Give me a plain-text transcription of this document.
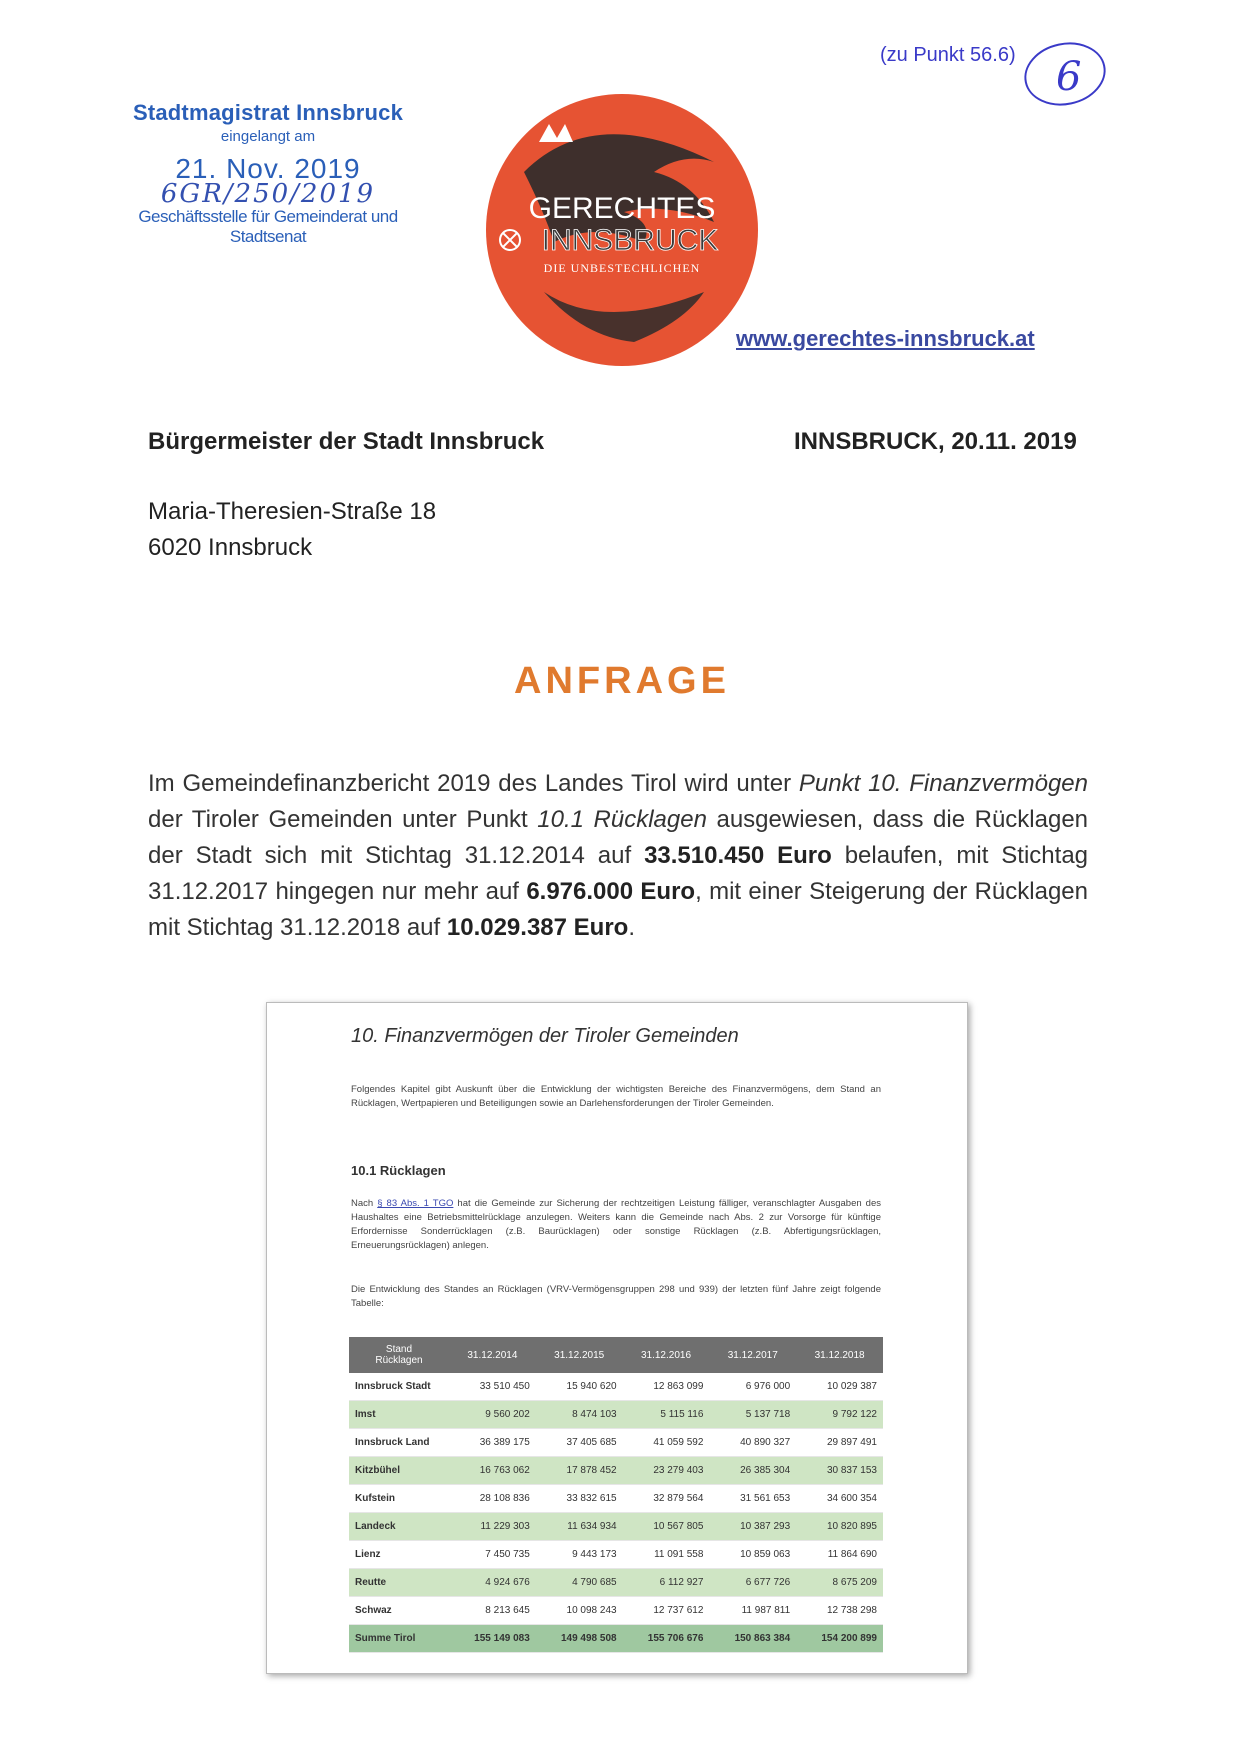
(zu Punkt 56.6) 6
Stadtmagistrat Innsbruck
eingelangt am
21. Nov. 2019
6GR/250/2019
Geschäftsstelle für Gemeinderat und Stadtsenat
GERECHTES
INNSBRUCK
DIE UNBESTECHLICHEN
www.gerechtes-innsbruck.at
Bürgermeister der Stadt Innsbruck	INNSBRUCK, 20.11. 2019
Maria-Theresien-Straße 18
6020 Innsbruck
ANFRAGE
Im Gemeindefinanzbericht 2019 des Landes Tirol wird unter Punkt 10. Finanzvermögen der Tiroler Gemeinden unter Punkt 10.1 Rücklagen ausgewiesen, dass die Rücklagen der Stadt sich mit Stichtag 31.12.2014 auf 33.510.450 Euro belaufen, mit Stichtag 31.12.2017 hingegen nur mehr auf 6.976.000 Euro, mit einer Steigerung der Rücklagen mit Stichtag 31.12.2018 auf 10.029.387 Euro.
10. Finanzvermögen der Tiroler Gemeinden
Folgendes Kapitel gibt Auskunft über die Entwicklung der wichtigsten Bereiche des Finanzvermögens, dem Stand an Rücklagen, Wertpapieren und Beteiligungen sowie an Darlehensforderungen der Tiroler Gemeinden.
10.1 Rücklagen
Nach § 83 Abs. 1 TGO hat die Gemeinde zur Sicherung der rechtzeitigen Leistung fälliger, veranschlagter Ausgaben des Haushaltes eine Betriebsmittelrücklage anzulegen. Weiters kann die Gemeinde nach Abs. 2 zur Vorsorge für künftige Erfordernisse Sonderrücklagen (z.B. Baurücklagen) oder sonstige Rücklagen (z.B. Abfertigungsrücklagen, Erneuerungsrücklagen) anlegen.
Die Entwicklung des Standes an Rücklagen (VRV-Vermögensgruppen 298 und 939) der letzten fünf Jahre zeigt folgende Tabelle:
Stand
Rücklagen	31.12.2014	31.12.2015	31.12.2016	31.12.2017	31.12.2018
Innsbruck Stadt	33 510 450	15 940 620	12 863 099	6 976 000	10 029 387
Imst	9 560 202	8 474 103	5 115 116	5 137 718	9 792 122
Innsbruck Land	36 389 175	37 405 685	41 059 592	40 890 327	29 897 491
Kitzbühel	16 763 062	17 878 452	23 279 403	26 385 304	30 837 153
Kufstein	28 108 836	33 832 615	32 879 564	31 561 653	34 600 354
Landeck	11 229 303	11 634 934	10 567 805	10 387 293	10 820 895
Lienz	7 450 735	9 443 173	11 091 558	10 859 063	11 864 690
Reutte	4 924 676	4 790 685	6 112 927	6 677 726	8 675 209
Schwaz	8 213 645	10 098 243	12 737 612	11 987 811	12 738 298
Summe Tirol	155 149 083	149 498 508	155 706 676	150 863 384	154 200 899
